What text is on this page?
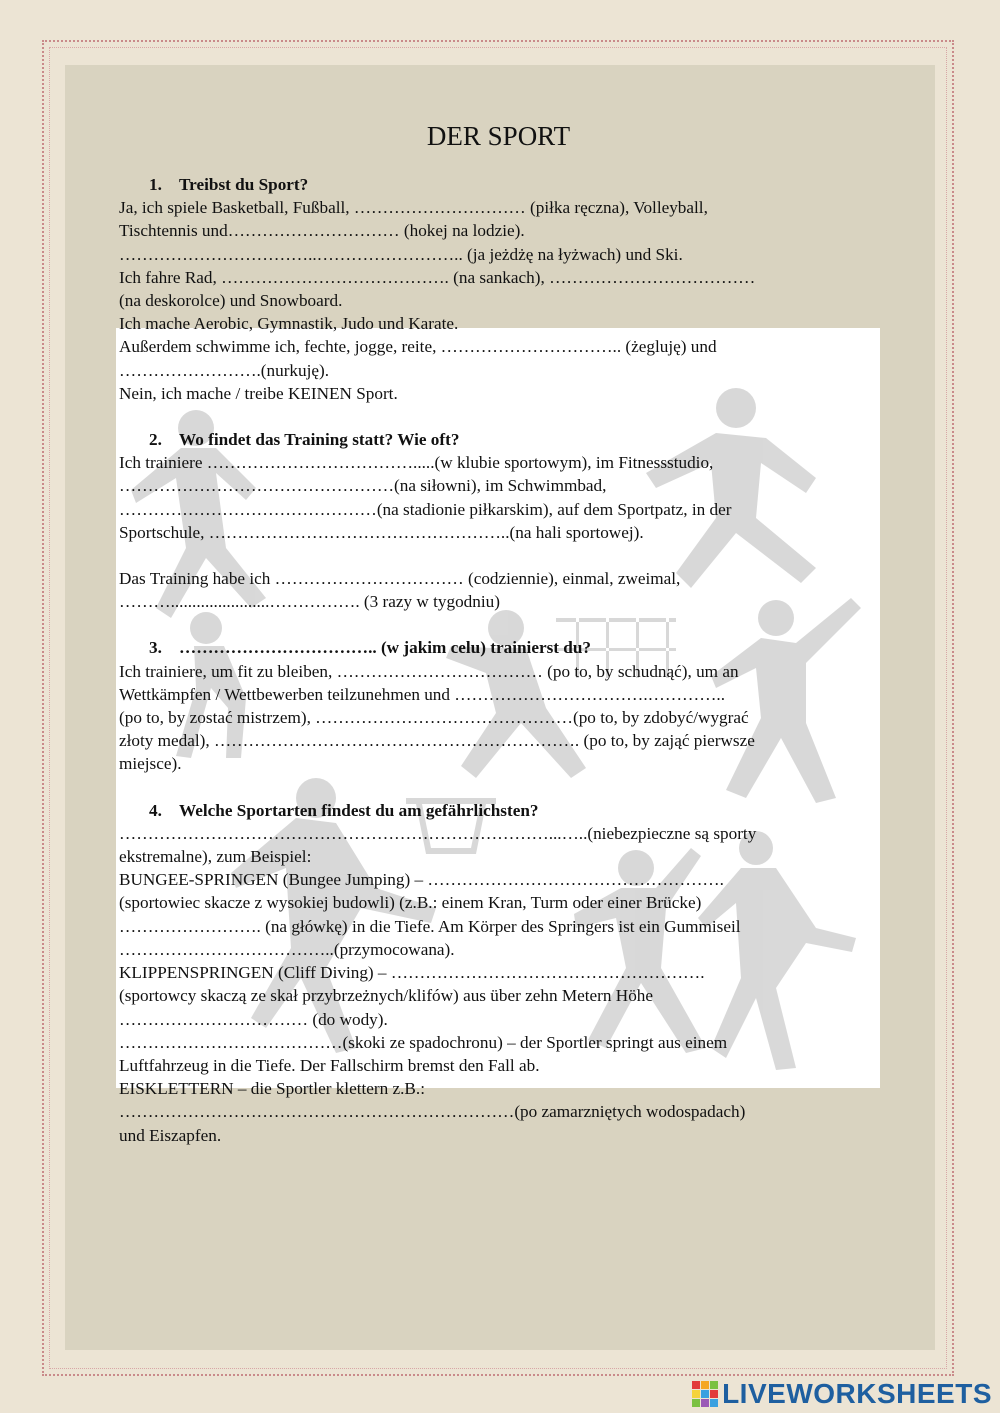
DER SPORT

1. Treibst du Sport?

Ja, ich spiele Basketball, Fußball, ………………………… (piłka ręczna), Volleyball,

Tischtennis und………………………… (hokej na lodzie).

……………………………..…………………….. (ja jeżdżę na łyżwach) und Ski.

Ich fahre Rad, …………………………………. (na sankach), ………………………………

(na deskorolce) und Snowboard.

Ich mache Aerobic, Gymnastik, Judo und Karate.

Außerdem schwimme ich, fechte, jogge, reite, ………………………….. (żegluję) und

…………………….(nurkuję).

Nein, ich mache / treibe KEINEN Sport.

2. Wo findet das Training statt? Wie oft?

Ich trainiere ……………………………….....(w klubie sportowym), im Fitnessstudio,

…………………………………………(na siłowni), im Schwimmbad,

………………………………………(na stadionie piłkarskim), auf dem Sportpatz, in der

Sportschule, ……………………………………………..(na hali sportowej).

Das Training habe ich …………………………… (codziennie), einmal, zweimal,

……….......................……………. (3 razy w tygodniu)

3. …………………………….. (w jakim celu) trainierst du?

Ich trainiere, um fit zu bleiben, ……………………………… (po to, by schudnąć), um an

Wettkämpfen / Wettbewerben teilzunehmen und …………………………….…………..

(po to, by zostać mistrzem), ………………………………………(po to, by zdobyć/wygrać

złoty medal), ………………………………………………………. (po to, by zająć pierwsze

miejsce).

4. Welche Sportarten findest du am gefährlichsten?

…………………………………………………………………...…..(niebezpieczne są sporty

ekstremalne), zum Beispiel:

BUNGEE-SPRINGEN (Bungee Jumping) – …………………………………………….

(sportowiec skacze z wysokiej budowli) (z.B.: einem Kran, Turm oder einer Brücke)

……………………. (na główkę) in die Tiefe. Am Körper des Springers ist ein Gummiseil

………………………………..(przymocowana).

KLIPPENSPRINGEN (Cliff Diving) – ……………………………………………….

(sportowcy skaczą ze skał przybrzeżnych/klifów) aus über zehn Metern Höhe

…………………………… (do wody).

…………………………………(skoki ze spadochronu) – der Sportler springt aus einem

Luftfahrzeug in die Tiefe. Der Fallschirm bremst den Fall ab.

EISKLETTERN – die Sportler klettern z.B.:

……………………………………………………………(po zamarzniętych wodospadach)

und Eiszapfen.

LIVEWORKSHEETS
